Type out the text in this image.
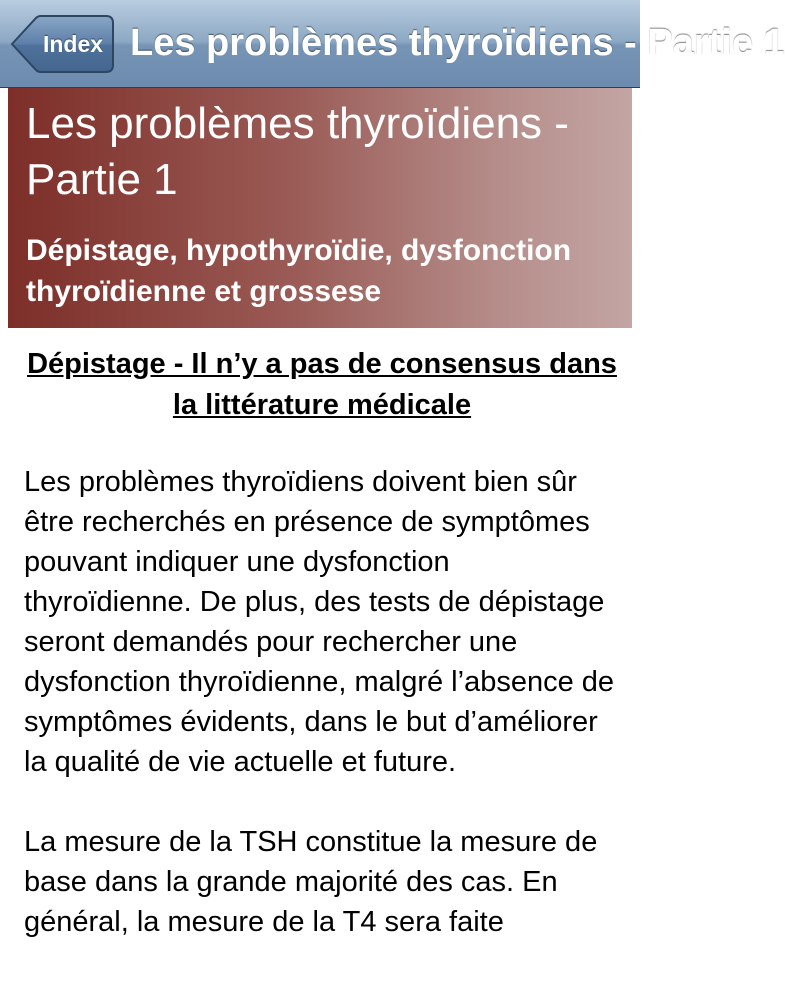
Index Les problèmes thyroïdiens - Partie 1
Les problèmes thyroïdiens - Partie 1
Dépistage, hypothyroïdie, dysfonction thyroïdienne et grossese
Dépistage - Il n’y a pas de consensus dans la littérature médicale

Les problèmes thyroïdiens doivent bien sûr être recherchés en présence de symptômes pouvant indiquer une dysfonction thyroïdienne. De plus, des tests de dépistage seront demandés pour rechercher une dysfonction thyroïdienne, malgré l’absence de symptômes évidents, dans le but d’améliorer la qualité de vie actuelle et future.

La mesure de la TSH constitue la mesure de base dans la grande majorité des cas. En général, la mesure de la T4 sera faite
